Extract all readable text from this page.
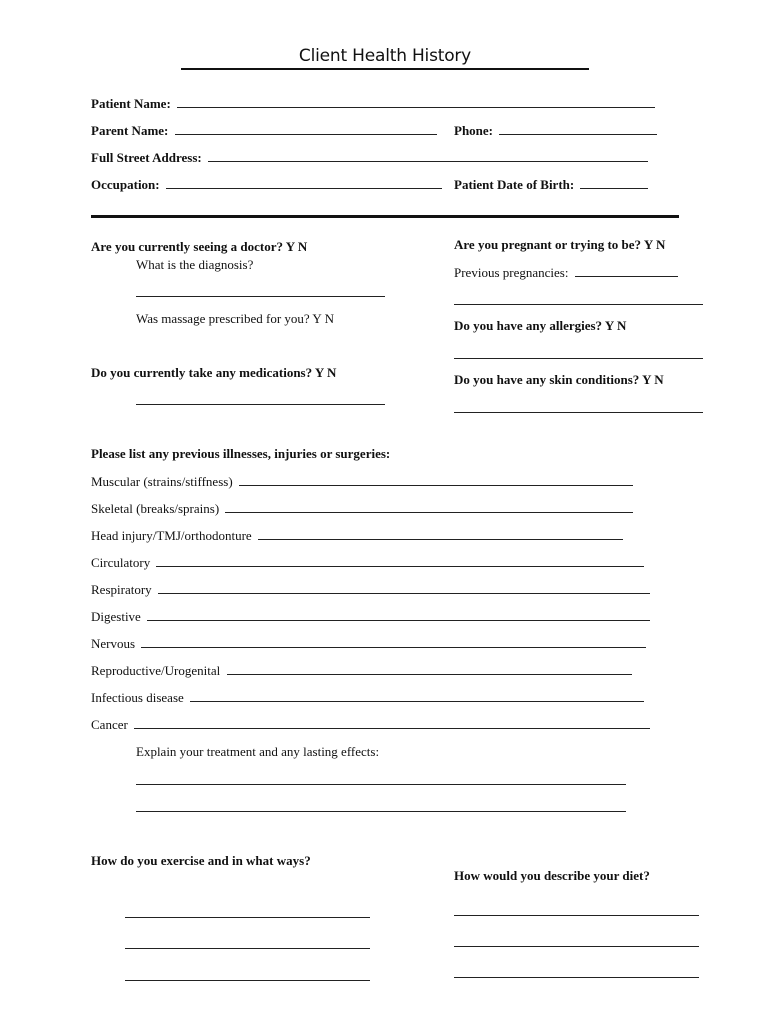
Client Health History
Patient Name:
Parent Name:	Phone:
Full Street Address:
Occupation:	Patient Date of Birth:
Are you currently seeing a doctor? Y N
What is the diagnosis?
Was massage prescribed for you? Y N
Do you currently take any medications? Y N
Are you pregnant or trying to be? Y N
Previous pregnancies:
Do you have any allergies? Y N
Do you have any skin conditions? Y N
Please list any previous illnesses, injuries or surgeries:
Muscular (strains/stiffness)
Skeletal (breaks/sprains)
Head injury/TMJ/orthodonture
Circulatory
Respiratory
Digestive
Nervous
Reproductive/Urogenital
Infectious disease
Cancer
Explain your treatment and any lasting effects:
How do you exercise and in what ways?
How would you describe your diet?
